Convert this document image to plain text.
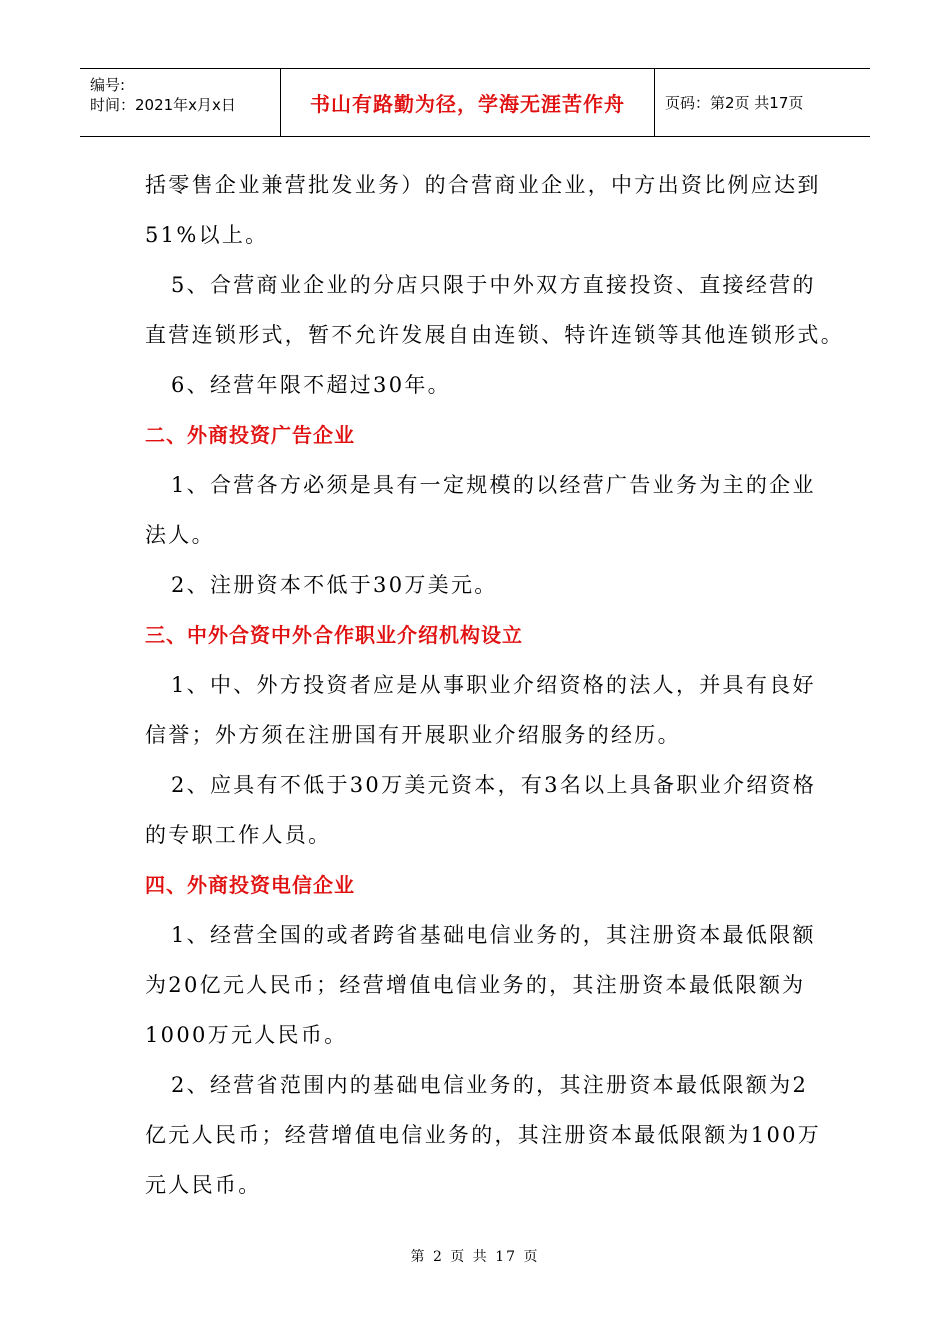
编号:
时间：2021年x月x日	书山有路勤为径，学海无涯苦作舟	页码：第2页 共17页
括零售企业兼营批发业务）的合营商业企业，中方出资比例应达到
51%以上。
5、合营商业企业的分店只限于中外双方直接投资、直接经营的
直营连锁形式，暂不允许发展自由连锁、特许连锁等其他连锁形式。
6、经营年限不超过30年。
二、外商投资广告企业
1、合营各方必须是具有一定规模的以经营广告业务为主的企业
法人。
2、注册资本不低于30万美元。
三、中外合资中外合作职业介绍机构设立
1、中、外方投资者应是从事职业介绍资格的法人，并具有良好
信誉；外方须在注册国有开展职业介绍服务的经历。
2、应具有不低于30万美元资本，有3名以上具备职业介绍资格
的专职工作人员。
四、外商投资电信企业
1、经营全国的或者跨省基础电信业务的，其注册资本最低限额
为20亿元人民币；经营增值电信业务的，其注册资本最低限额为
1000万元人民币。
2、经营省范围内的基础电信业务的，其注册资本最低限额为2
亿元人民币；经营增值电信业务的，其注册资本最低限额为100万
元人民币。
第 2 页 共 17 页
